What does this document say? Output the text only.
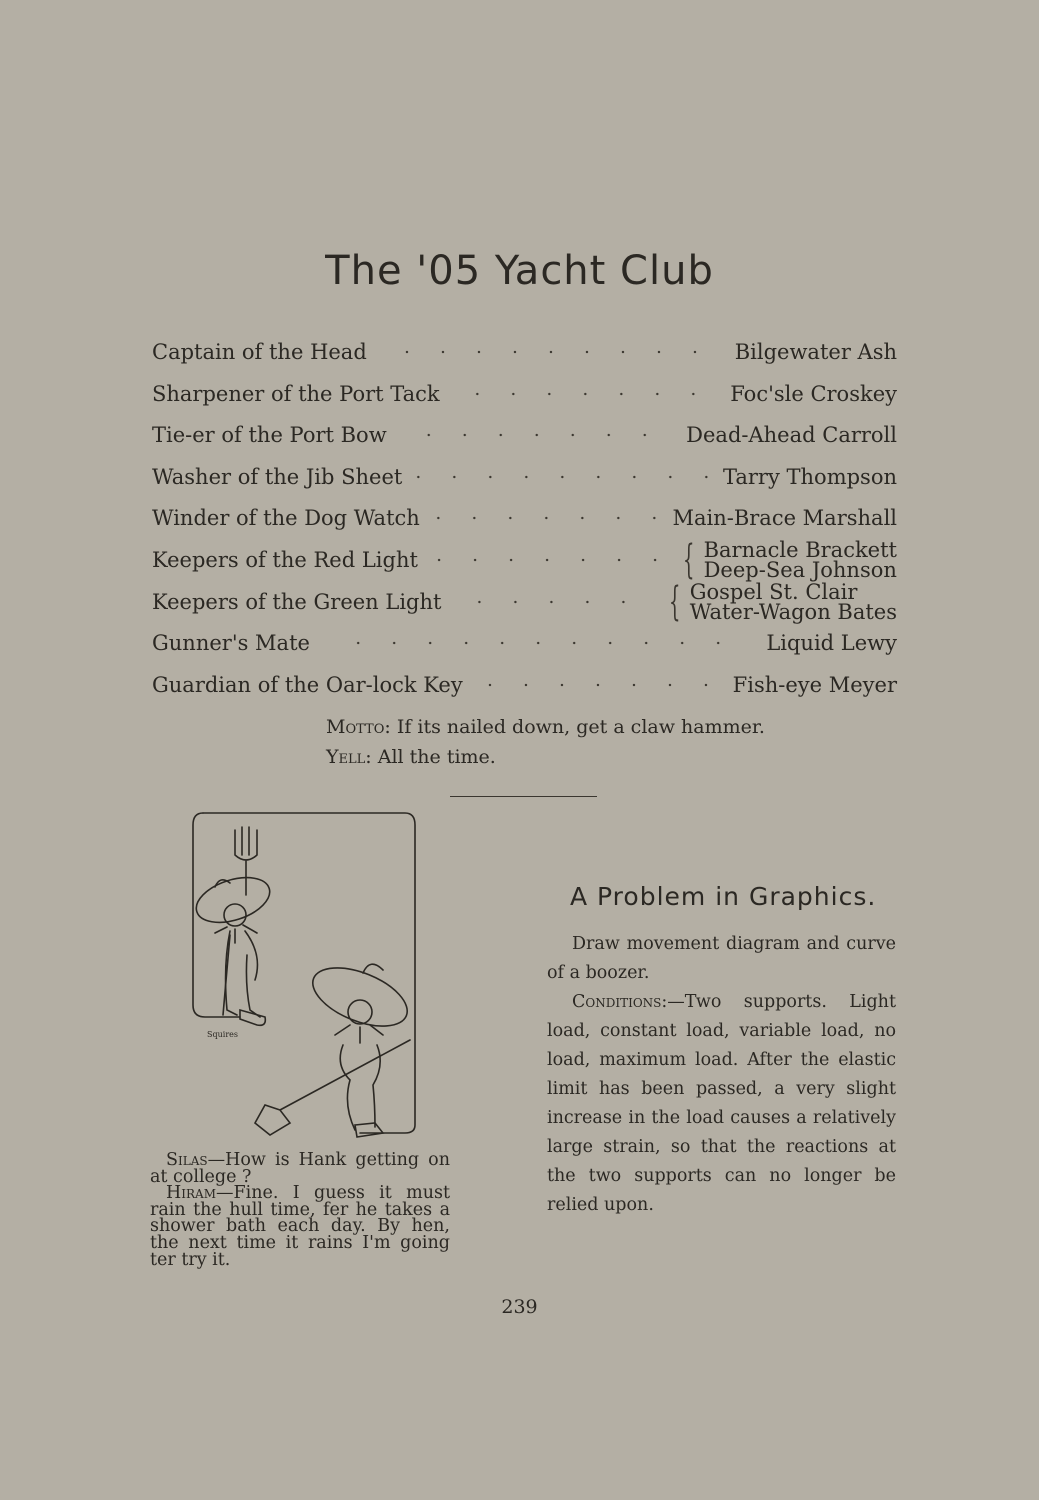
The '05 Yacht Club
Captain of the Head	Bilgewater Ash
Sharpener of the Port Tack	Foc'sle Croskey
Tie-er of the Port Bow	Dead-Ahead Carroll
Washer of the Jib Sheet	Tarry Thompson
Winder of the Dog Watch	Main-Brace Marshall
Keepers of the Red Light	{ Barnacle Brackett
Deep-Sea Johnson
Keepers of the Green Light	{ Gospel St. Clair
Water-Wagon Bates
Gunner's Mate	Liquid Lewy
Guardian of the Oar-lock Key	Fish-eye Meyer
Motto: If its nailed down, get a claw hammer.
Yell: All the time.
Squires

Silas—How is Hank getting on at college ?

Hiram—Fine. I guess it must rain the hull time, fer he takes a shower bath each day. By hen, the next time it rains I'm going ter try it.

A Problem in Graphics.

Draw movement diagram and curve of a boozer.

Conditions:—Two supports. Light load, constant load, variable load, no load, maximum load. After the elastic limit has been passed, a very slight increase in the load causes a relatively large strain, so that the reactions at the two supports can no longer be relied upon.

239
